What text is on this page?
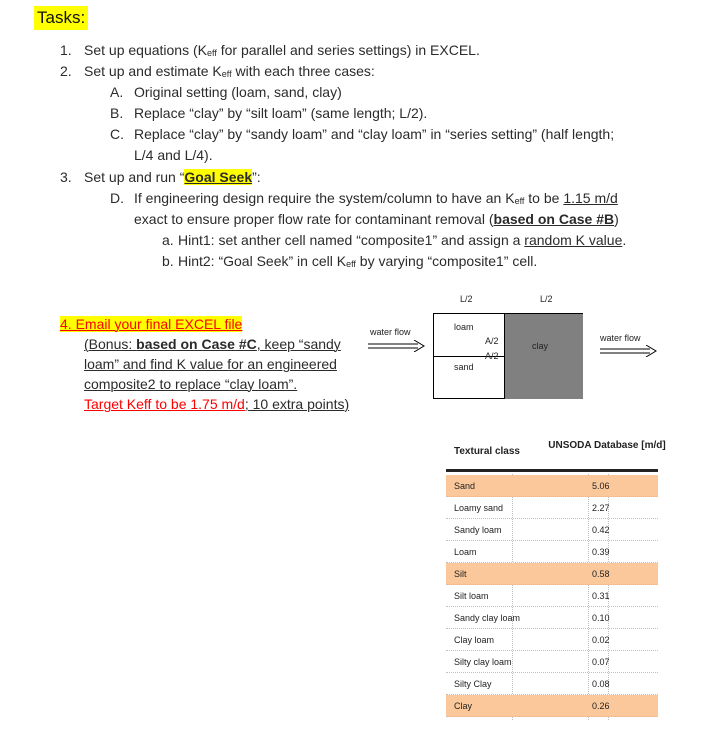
Tasks:
1. Set up equations (Keff for parallel and series settings) in EXCEL.
2. Set up and estimate Keff with each three cases:
A. Original setting (loam, sand, clay)
B. Replace “clay” by “silt loam” (same length; L/2).
C. Replace “clay” by “sandy loam” and “clay loam” in “series setting” (half length;
L/4 and L/4).
3. Set up and run “Goal Seek”:
D. If engineering design require the system/column to have an Keff to be 1.15 m/d
exact to ensure proper flow rate for contaminant removal (based on Case #B)
a. Hint1: set anther cell named “composite1” and assign a random K value.
b. Hint2: “Goal Seek” in cell Keff by varying “composite1” cell.
4. Email your final EXCEL file
(Bonus: based on Case #C, keep “sandy
loam” and find K value for an engineered
composite2 to replace “clay loam”.
Target Keff to be 1.75 m/d; 10 extra points)
L/2	L/2
loam
A/2
A/2
sand
clay
water flow
water flow
Textural class
UNSODA Database [m/d]
Sand	5.06
Loamy sand	2.27
Sandy loam	0.42
Loam	0.39
Silt	0.58
Silt loam	0.31
Sandy clay loam	0.10
Clay loam	0.02
Silty clay loam	0.07
Silty Clay	0.08
Clay	0.26
